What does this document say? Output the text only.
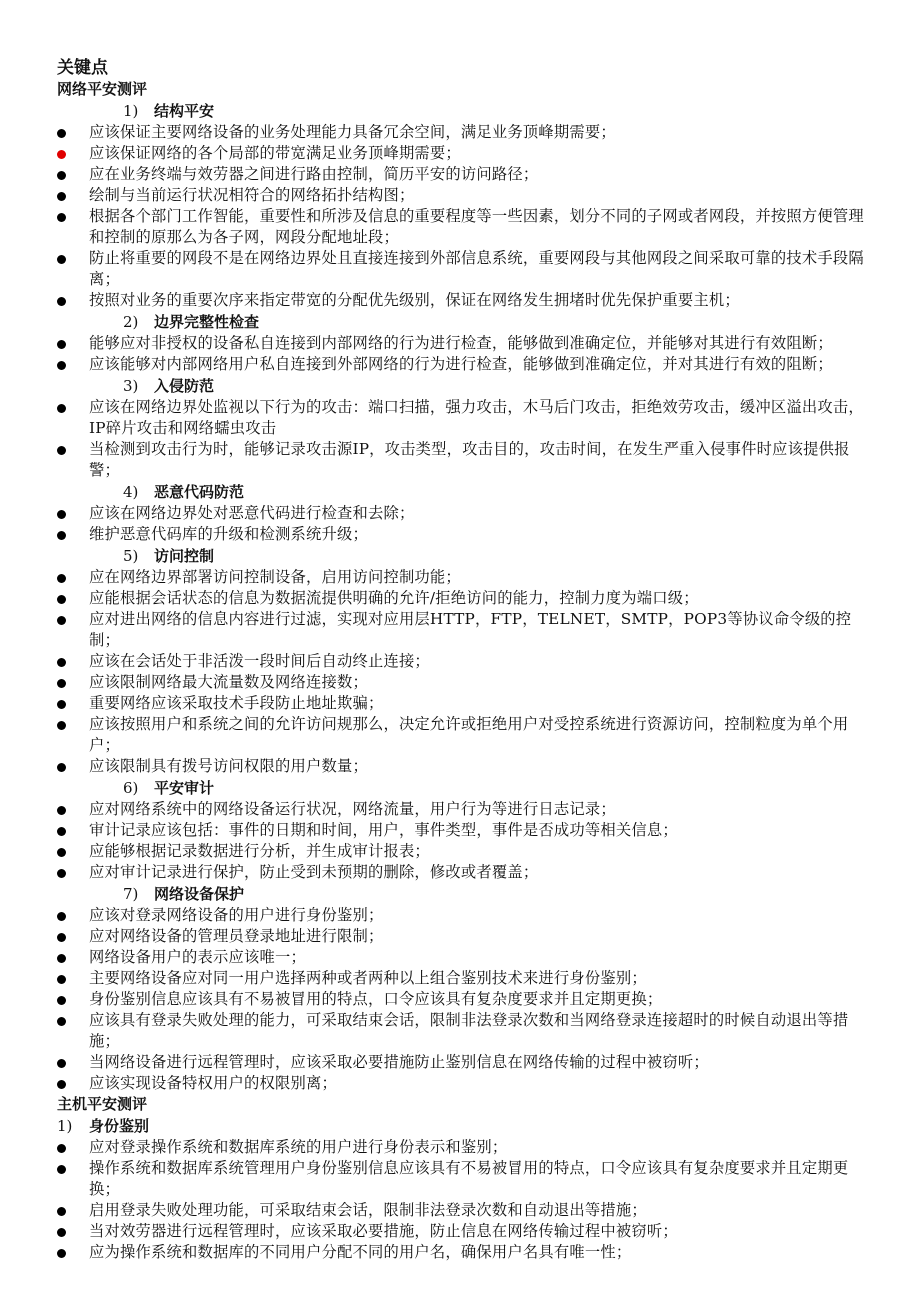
关键点
网络平安测评
1) 结构平安
应该保证主要网络设备的业务处理能力具备冗余空间，满足业务顶峰期需要；
应该保证网络的各个局部的带宽满足业务顶峰期需要；
应在业务终端与效劳器之间进行路由控制，简历平安的访问路径；
绘制与当前运行状况相符合的网络拓扑结构图；
根据各个部门工作智能，重要性和所涉及信息的重要程度等一些因素，划分不同的子网或者网段，并按照方便管理和控制的原那么为各子网，网段分配地址段；
防止将重要的网段不是在网络边界处且直接连接到外部信息系统，重要网段与其他网段之间采取可靠的技术手段隔离；
按照对业务的重要次序来指定带宽的分配优先级别，保证在网络发生拥堵时优先保护重要主机；
2) 边界完整性检查
能够应对非授权的设备私自连接到内部网络的行为进行检查，能够做到准确定位，并能够对其进行有效阻断；
应该能够对内部网络用户私自连接到外部网络的行为进行检查，能够做到准确定位，并对其进行有效的阻断；
3) 入侵防范
应该在网络边界处监视以下行为的攻击：端口扫描，强力攻击，木马后门攻击，拒绝效劳攻击，缓冲区溢出攻击，IP碎片攻击和网络蠕虫攻击
当检测到攻击行为时，能够记录攻击源IP，攻击类型，攻击目的，攻击时间，在发生严重入侵事件时应该提供报警；
4) 恶意代码防范
应该在网络边界处对恶意代码进行检查和去除；
维护恶意代码库的升级和检测系统升级；
5) 访问控制
应在网络边界部署访问控制设备，启用访问控制功能；
应能根据会话状态的信息为数据流提供明确的允许/拒绝访问的能力，控制力度为端口级；
应对进出网络的信息内容进行过滤，实现对应用层HTTP，FTP，TELNET，SMTP，POP3等协议命令级的控制；
应该在会话处于非活泼一段时间后自动终止连接；
应该限制网络最大流量数及网络连接数；
重要网络应该采取技术手段防止地址欺骗；
应该按照用户和系统之间的允许访问规那么，决定允许或拒绝用户对受控系统进行资源访问，控制粒度为单个用户；
应该限制具有拨号访问权限的用户数量；
6) 平安审计
应对网络系统中的网络设备运行状况，网络流量，用户行为等进行日志记录；
审计记录应该包括：事件的日期和时间，用户，事件类型，事件是否成功等相关信息；
应能够根据记录数据进行分析，并生成审计报表；
应对审计记录进行保护，防止受到未预期的删除，修改或者覆盖；
7) 网络设备保护
应该对登录网络设备的用户进行身份鉴别；
应对网络设备的管理员登录地址进行限制；
网络设备用户的表示应该唯一；
主要网络设备应对同一用户选择两种或者两种以上组合鉴别技术来进行身份鉴别；
身份鉴别信息应该具有不易被冒用的特点，口令应该具有复杂度要求并且定期更换；
应该具有登录失败处理的能力，可采取结束会话，限制非法登录次数和当网络登录连接超时的时候自动退出等措施；
当网络设备进行远程管理时，应该采取必要措施防止鉴别信息在网络传输的过程中被窃听；
应该实现设备特权用户的权限别离；
主机平安测评
1) 身份鉴别
应对登录操作系统和数据库系统的用户进行身份表示和鉴别；
操作系统和数据库系统管理用户身份鉴别信息应该具有不易被冒用的特点，口令应该具有复杂度要求并且定期更换；
启用登录失败处理功能，可采取结束会话，限制非法登录次数和自动退出等措施；
当对效劳器进行远程管理时，应该采取必要措施，防止信息在网络传输过程中被窃听；
应为操作系统和数据库的不同用户分配不同的用户名，确保用户名具有唯一性；
